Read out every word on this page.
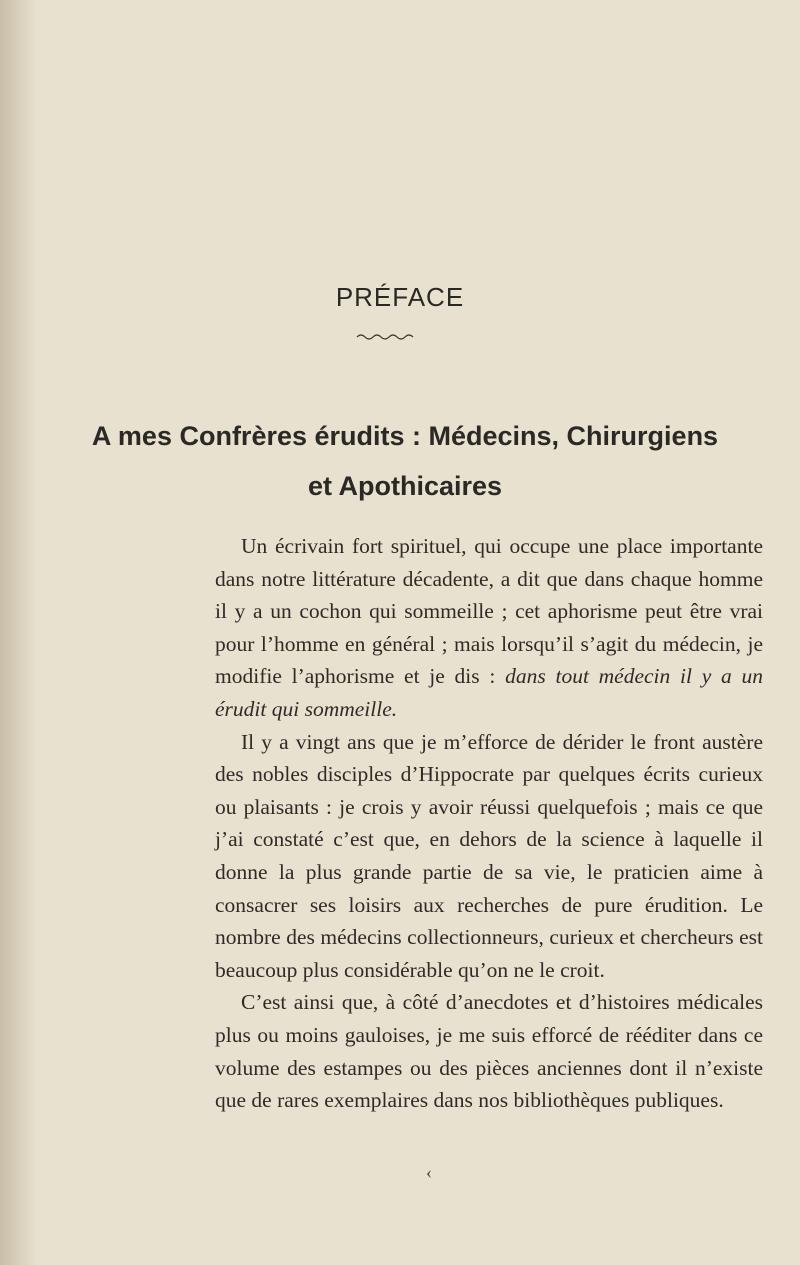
PRÉFACE
A mes Confrères érudits : Médecins, Chirurgiens
et Apothicaires

Un écrivain fort spirituel, qui occupe une place importante dans notre littérature décadente, a dit que dans chaque homme il y a un cochon qui sommeille ; cet aphorisme peut être vrai pour l’homme en général ; mais lorsqu’il s’agit du médecin, je modifie l’aphorisme et je dis : dans tout médecin il y a un érudit qui sommeille.

Il y a vingt ans que je m’efforce de dérider le front austère des nobles disciples d’Hippocrate par quelques écrits curieux ou plaisants : je crois y avoir réussi quelquefois ; mais ce que j’ai constaté c’est que, en dehors de la science à laquelle il donne la plus grande partie de sa vie, le praticien aime à consacrer ses loisirs aux recherches de pure érudition. Le nombre des médecins collectionneurs, curieux et chercheurs est beaucoup plus considérable qu’on ne le croit.

C’est ainsi que, à côté d’anecdotes et d’histoires médicales plus ou moins gauloises, je me suis efforcé de rééditer dans ce volume des estampes ou des pièces anciennes dont il n’existe que de rares exemplaires dans nos bibliothèques publiques.

‹
